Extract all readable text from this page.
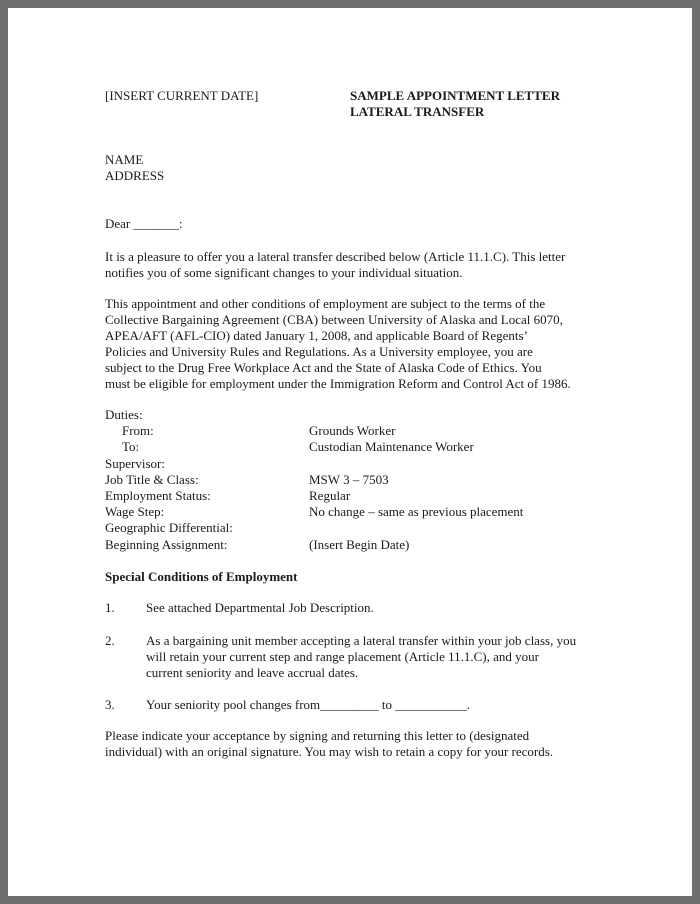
[INSERT CURRENT DATE]	SAMPLE APPOINTMENT LETTER
LATERAL TRANSFER
NAME
ADDRESS
Dear _______:
It is a pleasure to offer you a lateral transfer described below (Article 11.1.C). This letter
notifies you of some significant changes to your individual situation.
This appointment and other conditions of employment are subject to the terms of the
Collective Bargaining Agreement (CBA) between University of Alaska and Local 6070,
APEA/AFT (AFL-CIO) dated January 1, 2008, and applicable Board of Regents’
Policies and University Rules and Regulations. As a University employee, you are
subject to the Drug Free Workplace Act and the State of Alaska Code of Ethics. You
must be eligible for employment under the Immigration Reform and Control Act of 1986.
Duties:
From:	Grounds Worker
To:	Custodian Maintenance Worker
Supervisor:
Job Title & Class:	MSW 3 – 7503
Employment Status:	Regular
Wage Step:	No change – same as previous placement
Geographic Differential:
Beginning Assignment:	(Insert Begin Date)
Special Conditions of Employment
1. See attached Departmental Job Description.
2. As a bargaining unit member accepting a lateral transfer within your job class, you
will retain your current step and range placement (Article 11.1.C), and your
current seniority and leave accrual dates.
3. Your seniority pool changes from_________ to ___________.
Please indicate your acceptance by signing and returning this letter to (designated
individual) with an original signature. You may wish to retain a copy for your records.
